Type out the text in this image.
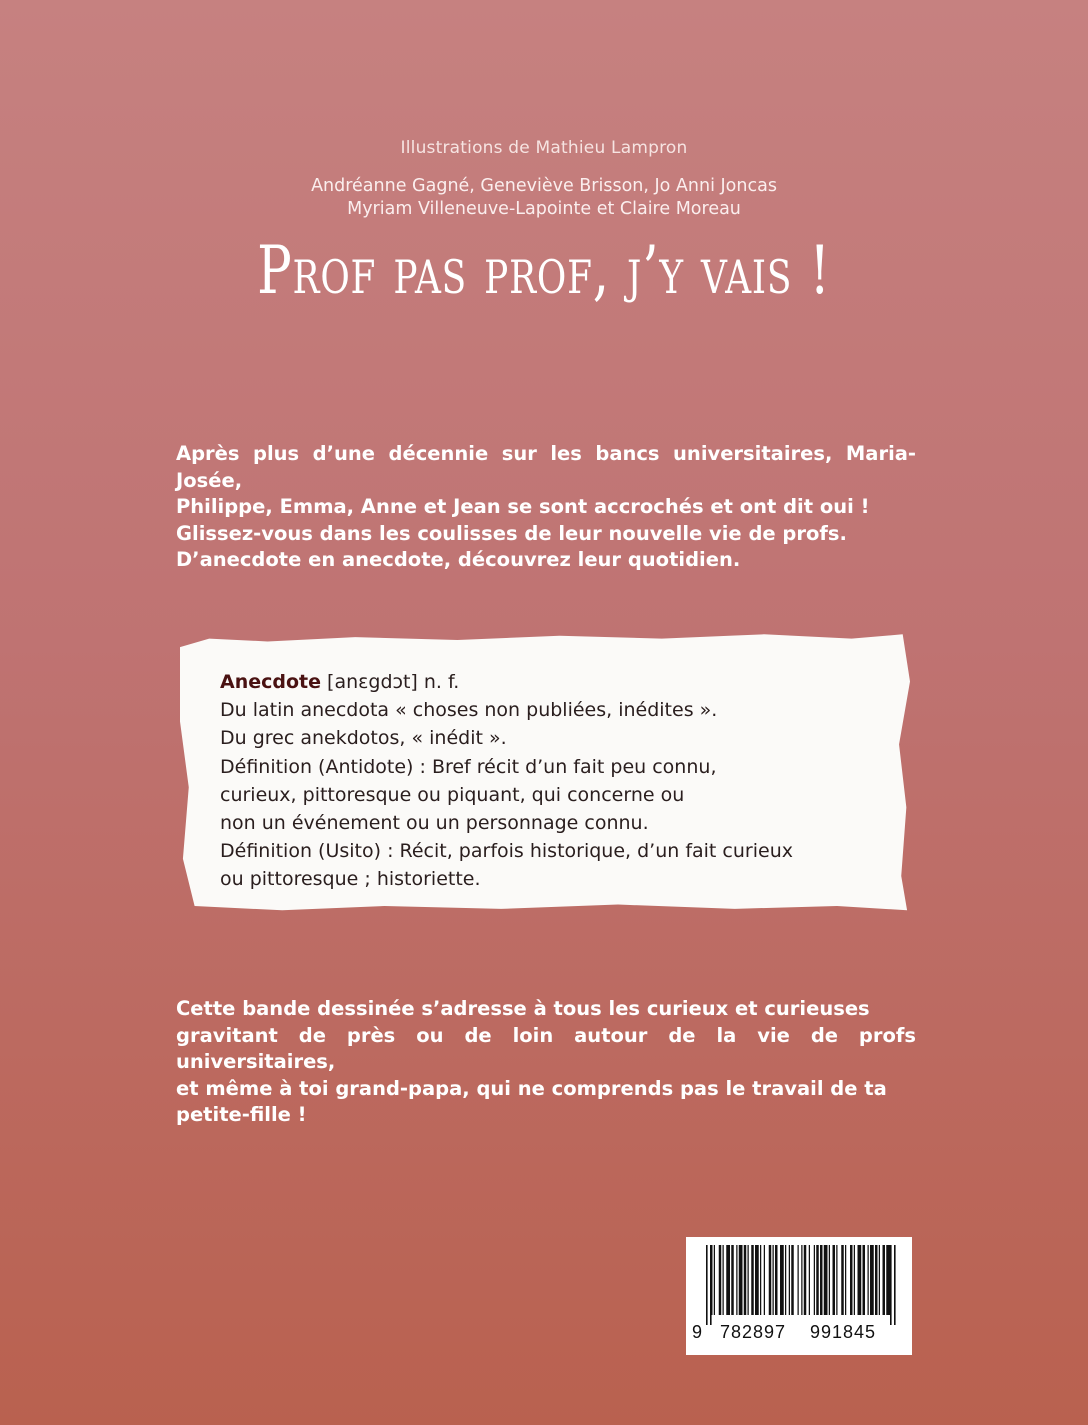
Illustrations de Mathieu Lampron
Andréanne Gagné, Geneviève Brisson, Jo Anni Joncas
Myriam Villeneuve-Lapointe et Claire Moreau
Prof pas prof, j’y vais !

Après plus d’une décennie sur les bancs universitaires, Maria-Josée,

Philippe, Emma, Anne et Jean se sont accrochés et ont dit oui !

Glissez-vous dans les coulisses de leur nouvelle vie de profs.

D’anecdote en anecdote, découvrez leur quotidien.

Anecdote [anɛgdɔt] n. f.
Du latin anecdota « choses non publiées, inédites ».
Du grec anekdotos, « inédit ».
Définition (Antidote) : Bref récit d’un fait peu connu,
curieux, pittoresque ou piquant, qui concerne ou
non un événement ou un personnage connu.
Définition (Usito) : Récit, parfois historique, d’un fait curieux
ou pittoresque ; historiette.

Cette bande dessinée s’adresse à tous les curieux et curieuses

gravitant de près ou de loin autour de la vie de profs universitaires,

et même à toi grand-papa, qui ne comprends pas le travail de ta

petite-fille !

9 782897 991845
